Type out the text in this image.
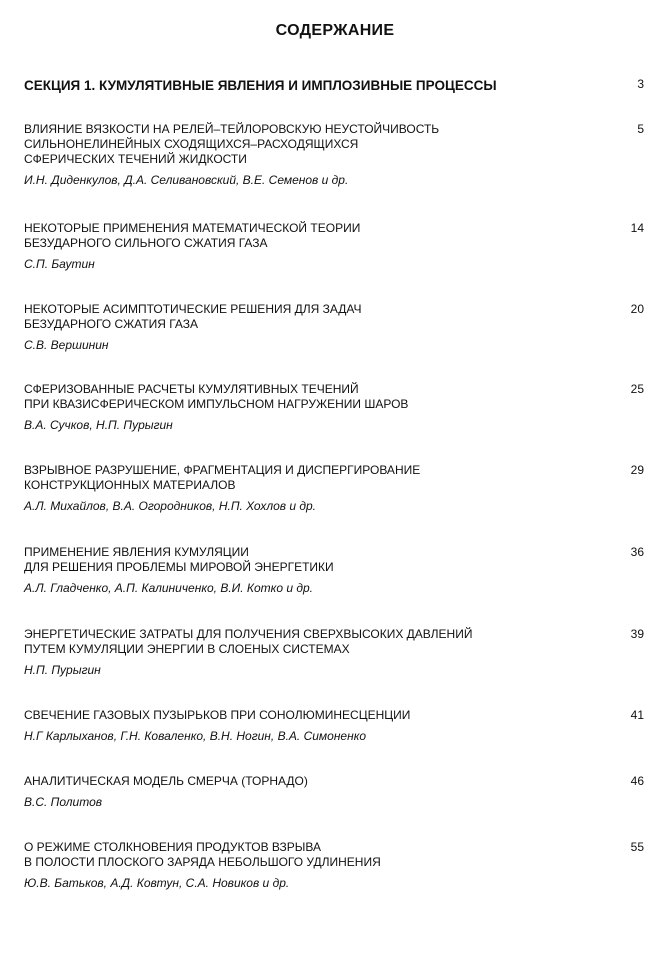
СОДЕРЖАНИЕ
СЕКЦИЯ 1. КУМУЛЯТИВНЫЕ ЯВЛЕНИЯ И ИМПЛОЗИВНЫЕ ПРОЦЕССЫ	3
ВЛИЯНИЕ ВЯЗКОСТИ НА РЕЛЕЙ–ТЕЙЛОРОВСКУЮ НЕУСТОЙЧИВОСТЬ
СИЛЬНОНЕЛИНЕЙНЫХ СХОДЯЩИХСЯ–РАСХОДЯЩИХСЯ
СФЕРИЧЕСКИХ ТЕЧЕНИЙ ЖИДКОСТИ
И.Н. Диденкулов, Д.А. Селивановский, В.Е. Семенов и др.
5
НЕКОТОРЫЕ ПРИМЕНЕНИЯ МАТЕМАТИЧЕСКОЙ ТЕОРИИ
БЕЗУДАРНОГО СИЛЬНОГО СЖАТИЯ ГАЗА
С.П. Баутин
14
НЕКОТОРЫЕ АСИМПТОТИЧЕСКИЕ РЕШЕНИЯ ДЛЯ ЗАДАЧ
БЕЗУДАРНОГО СЖАТИЯ ГАЗА
С.В. Вершинин
20
СФЕРИЗОВАННЫЕ РАСЧЕТЫ КУМУЛЯТИВНЫХ ТЕЧЕНИЙ
ПРИ КВАЗИСФЕРИЧЕСКОМ ИМПУЛЬСНОМ НАГРУЖЕНИИ ШАРОВ
В.А. Сучков, Н.П. Пурыгин
25
ВЗРЫВНОЕ РАЗРУШЕНИЕ, ФРАГМЕНТАЦИЯ И ДИСПЕРГИРОВАНИЕ
КОНСТРУКЦИОННЫХ МАТЕРИАЛОВ
А.Л. Михайлов, В.А. Огородников, Н.П. Хохлов и др.
29
ПРИМЕНЕНИЕ ЯВЛЕНИЯ КУМУЛЯЦИИ
ДЛЯ РЕШЕНИЯ ПРОБЛЕМЫ МИРОВОЙ ЭНЕРГЕТИКИ
А.Л. Гладченко, А.П. Калиниченко, В.И. Котко и др.
36
ЭНЕРГЕТИЧЕСКИЕ ЗАТРАТЫ ДЛЯ ПОЛУЧЕНИЯ СВЕРХВЫСОКИХ ДАВЛЕНИЙ
ПУТЕМ КУМУЛЯЦИИ ЭНЕРГИИ В СЛОЕНЫХ СИСТЕМАХ
Н.П. Пурыгин
39
СВЕЧЕНИЕ ГАЗОВЫХ ПУЗЫРЬКОВ ПРИ СОНОЛЮМИНЕСЦЕНЦИИ
Н.Г Карлыханов, Г.Н. Коваленко, В.Н. Ногин, В.А. Симоненко
41
АНАЛИТИЧЕСКАЯ МОДЕЛЬ СМЕРЧА (ТОРНАДО)
В.С. Политов
46
О РЕЖИМЕ СТОЛКНОВЕНИЯ ПРОДУКТОВ ВЗРЫВА
В ПОЛОСТИ ПЛОСКОГО ЗАРЯДА НЕБОЛЬШОГО УДЛИНЕНИЯ
Ю.В. Батьков, А.Д. Ковтун, С.А. Новиков и др.
55
